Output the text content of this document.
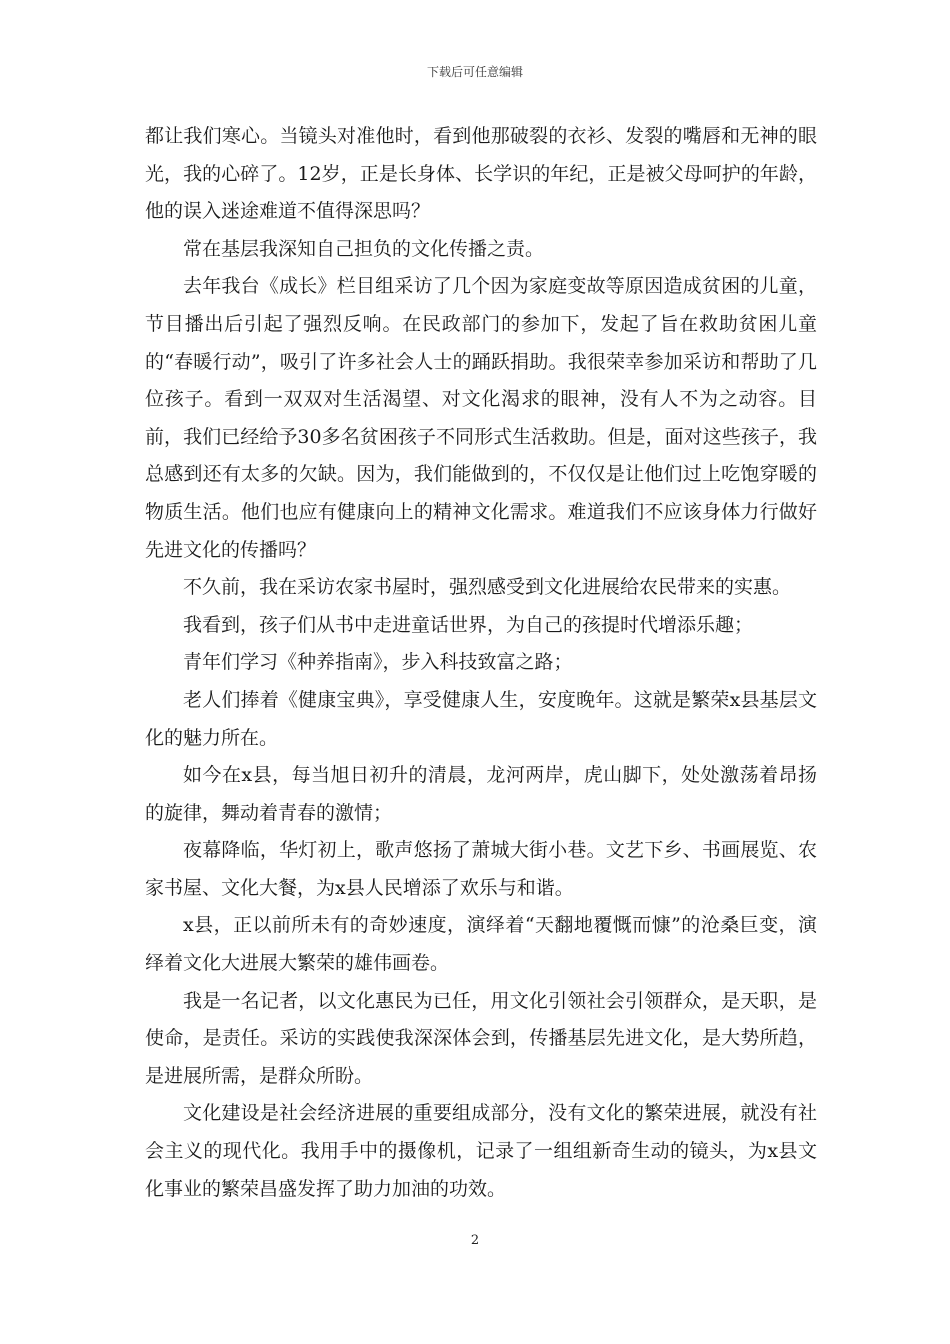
下载后可任意编辑

都让我们寒心。当镜头对准他时，看到他那破裂的衣衫、发裂的嘴唇和无神的眼光，我的心碎了。12岁，正是长身体、长学识的年纪，正是被父母呵护的年龄，他的误入迷途难道不值得深思吗？

常在基层我深知自己担负的文化传播之责。

去年我台《成长》栏目组采访了几个因为家庭变故等原因造成贫困的儿童，节目播出后引起了强烈反响。在民政部门的参加下，发起了旨在救助贫困儿童的“春暖行动”，吸引了许多社会人士的踊跃捐助。我很荣幸参加采访和帮助了几位孩子。看到一双双对生活渴望、对文化渴求的眼神，没有人不为之动容。目前，我们已经给予30多名贫困孩子不同形式生活救助。但是，面对这些孩子，我总感到还有太多的欠缺。因为，我们能做到的，不仅仅是让他们过上吃饱穿暖的物质生活。他们也应有健康向上的精神文化需求。难道我们不应该身体力行做好先进文化的传播吗？

不久前，我在采访农家书屋时，强烈感受到文化进展给农民带来的实惠。

我看到，孩子们从书中走进童话世界，为自己的孩提时代增添乐趣；

青年们学习《种养指南》，步入科技致富之路；

老人们捧着《健康宝典》，享受健康人生，安度晚年。这就是繁荣x县基层文化的魅力所在。

如今在x县，每当旭日初升的清晨，龙河两岸，虎山脚下，处处激荡着昂扬的旋律，舞动着青春的激情；

夜幕降临，华灯初上，歌声悠扬了萧城大街小巷。文艺下乡、书画展览、农家书屋、文化大餐，为x县人民增添了欢乐与和谐。

x县，正以前所未有的奇妙速度，演绎着“天翻地覆慨而慷”的沧桑巨变，演绎着文化大进展大繁荣的雄伟画卷。

我是一名记者，以文化惠民为已任，用文化引领社会引领群众，是天职，是使命，是责任。采访的实践使我深深体会到，传播基层先进文化，是大势所趋，是进展所需，是群众所盼。

文化建设是社会经济进展的重要组成部分，没有文化的繁荣进展，就没有社会主义的现代化。我用手中的摄像机，记录了一组组新奇生动的镜头，为x县文化事业的繁荣昌盛发挥了助力加油的功效。

2
